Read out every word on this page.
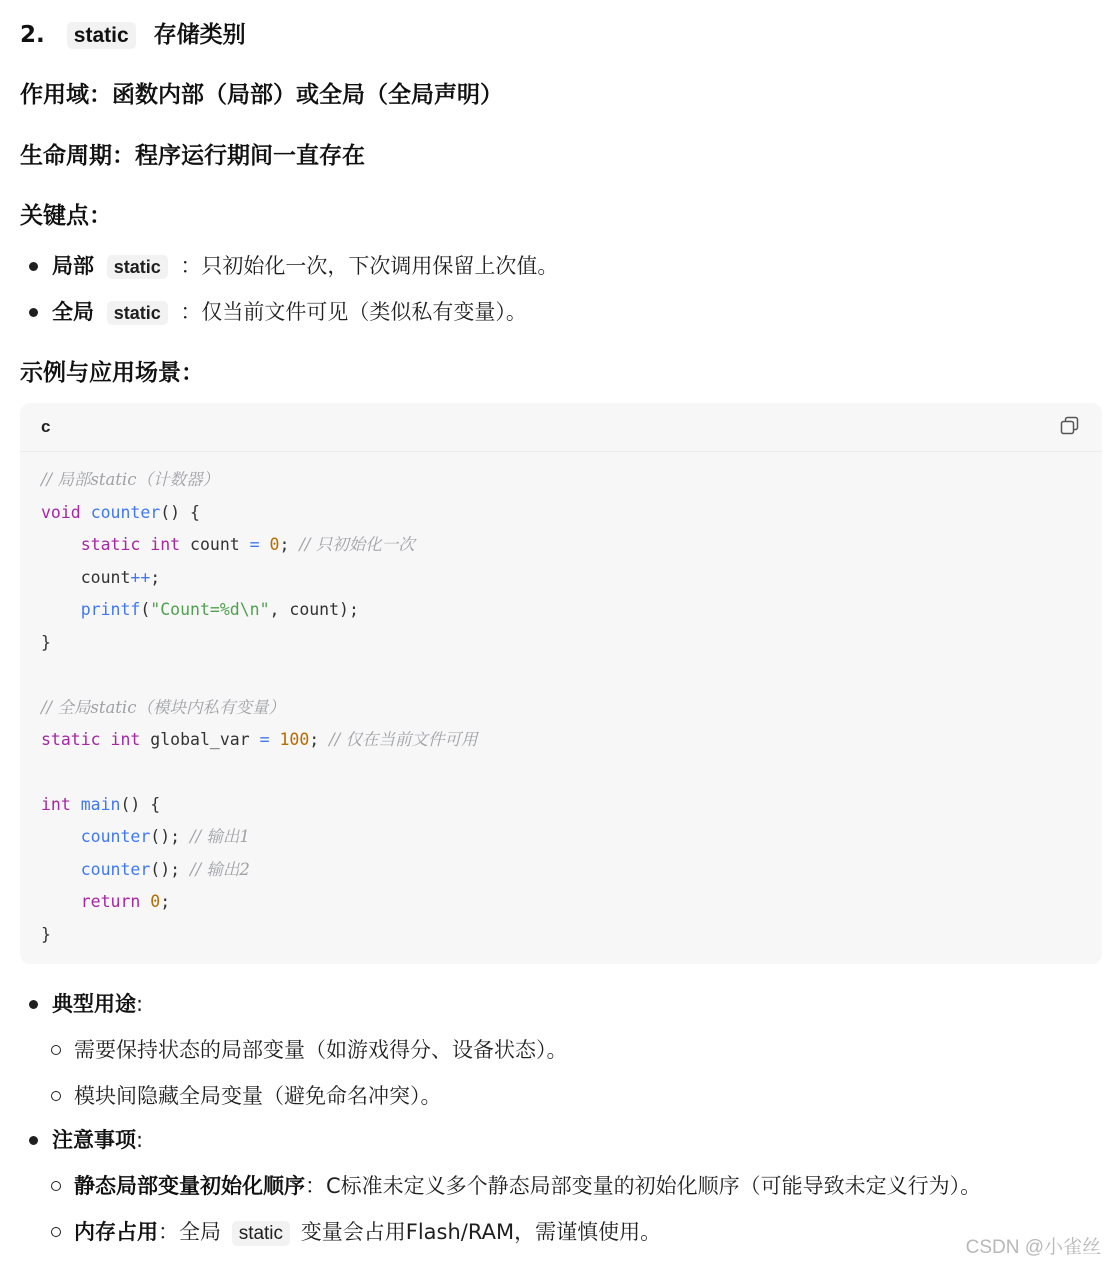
2. static 存储类别
作用域：函数内部（局部）或全局（全局声明）
生命周期：程序运行期间一直存在
关键点：
局部 static ：只初始化一次，下次调用保留上次值。
全局 static ：仅当前文件可见（类似私有变量）。
示例与应用场景：
c
// 局部static（计数器）
void counter() {
static int count = 0; // 只初始化一次
count++;
printf("Count=%d\n", count);
}
// 全局static（模块内私有变量）
static int global_var = 100; // 仅在当前文件可用
int main() {
counter(); // 输出1
counter(); // 输出2
return 0;
}
典型用途:
需要保持状态的局部变量（如游戏得分、设备状态）。
模块间隐藏全局变量（避免命名冲突）。
注意事项:
静态局部变量初始化顺序：C标准未定义多个静态局部变量的初始化顺序（可能导致未定义行为）。
内存占用：全局 static 变量会占用Flash/RAM，需谨慎使用。
CSDN @小雀丝
